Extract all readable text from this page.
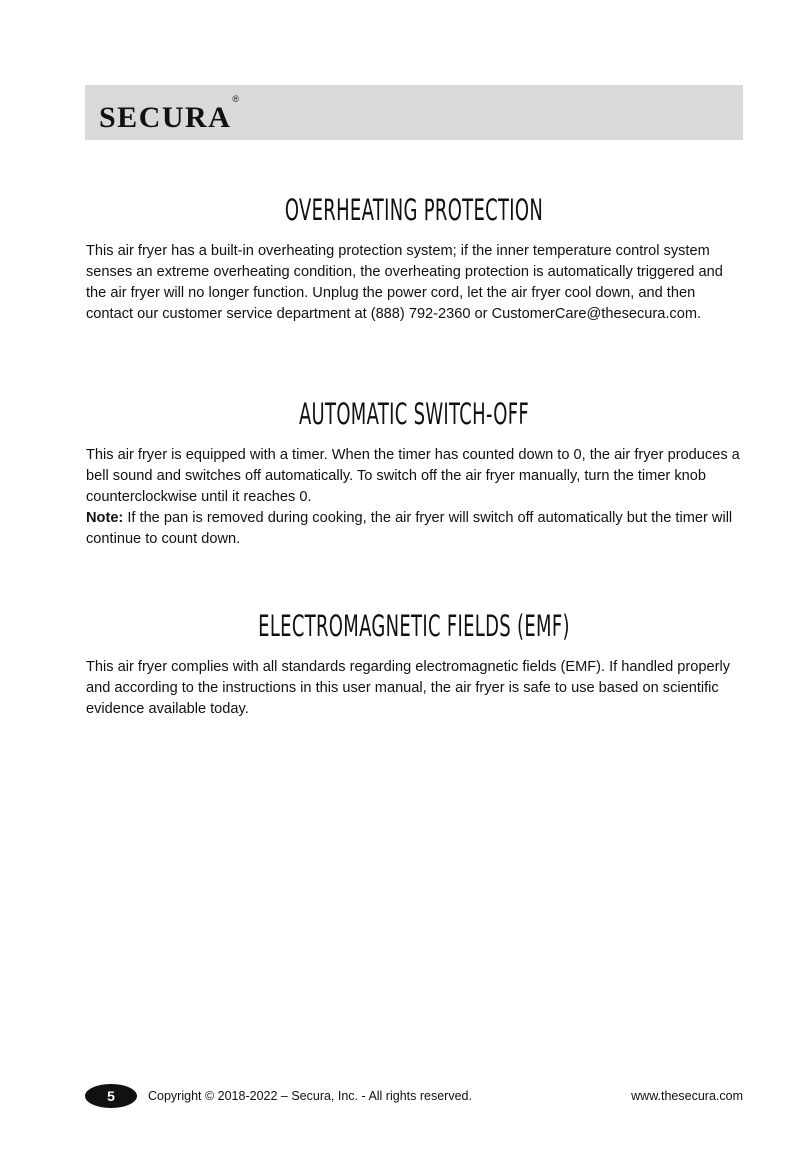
SECURA®
OVERHEATING PROTECTION

This air fryer has a built-in overheating protection system; if the inner temperature control system senses an extreme overheating condition, the overheating protection is automatically triggered and the air fryer will no longer function. Unplug the power cord, let the air fryer cool down, and then contact our customer service department at (888) 792-2360 or CustomerCare@thesecura.com.

AUTOMATIC SWITCH-OFF

This air fryer is equipped with a timer. When the timer has counted down to 0, the air fryer produces a bell sound and switches off automatically. To switch off the air fryer manually, turn the timer knob counterclockwise until it reaches 0.

Note: If the pan is removed during cooking, the air fryer will switch off automatically but the timer will continue to count down.

ELECTROMAGNETIC FIELDS (EMF)

This air fryer complies with all standards regarding electromagnetic fields (EMF). If handled properly and according to the instructions in this user manual, the air fryer is safe to use based on scientific evidence available today.

5	Copyright © 2018-2022 – Secura, Inc. - All rights reserved.	www.thesecura.com
